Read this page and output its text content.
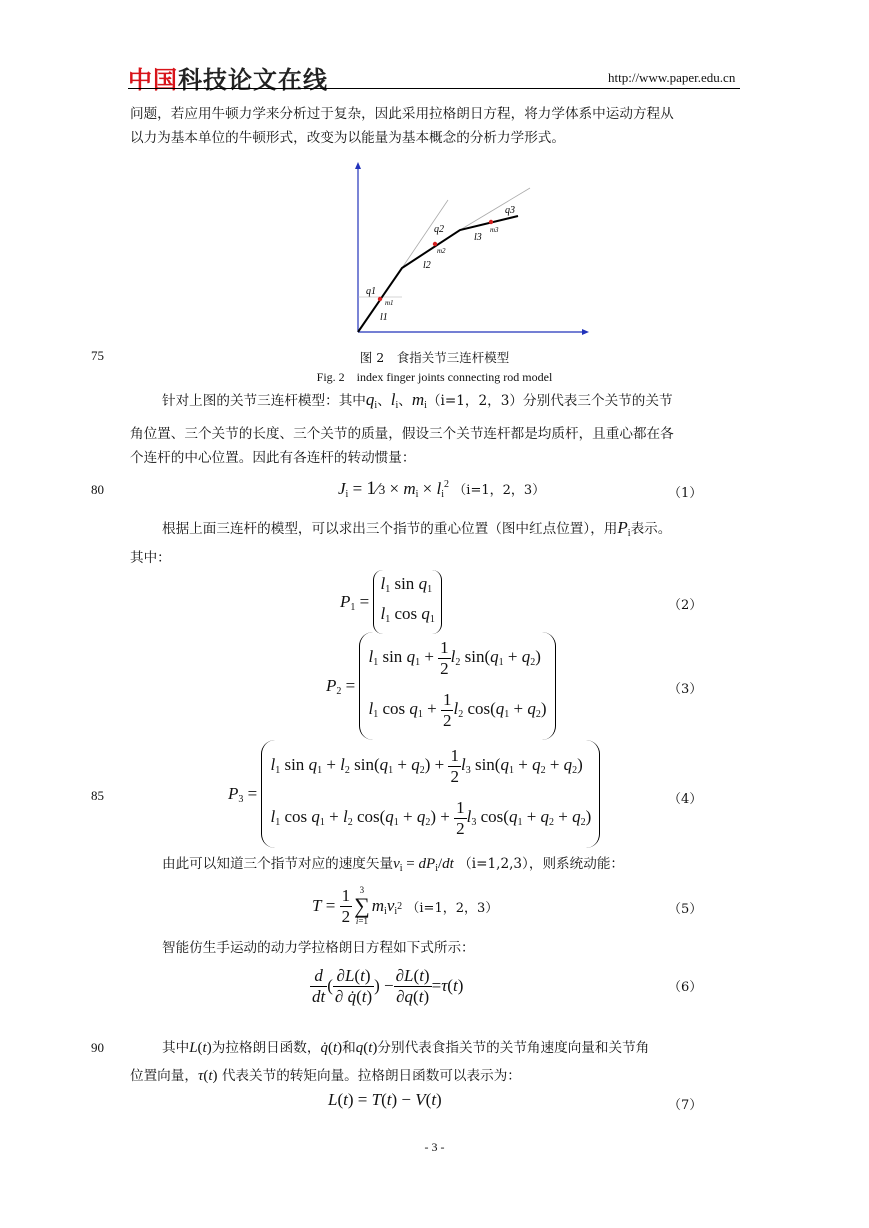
中国科技论文在线	http://www.paper.edu.cn
问题，若应用牛顿力学来分析过于复杂，因此采用拉格朗日方程，将力学体系中运动方程从
以力为基本单位的牛顿形式，改变为以能量为基本概念的分析力学形式。
q1
m1
l1
q2
m2
l2
q3
m3
l3
75	图 2　食指关节三连杆模型
Fig. 2　index finger joints connecting rod model
针对上图的关节三连杆模型：其中$q_i$、$l_i$、$m_i(i=1$，2，3）分别代表三个关节的关节
角位置、三个关节的长度、三个关节的质量，假设三个关节连杆都是均质杆，且重心都在各
个连杆的中心位置。因此有各连杆的转动惯量：
80	$J_i$ = 1⁄3 × $m_i \times l_i^2$ （i=1，2，3）	（1）
根据上面三连杆的模型，可以求出三个指节的重心位置（图中红点位置），用$P_i$表示。
其中：
$P_1$ =
$l_1$ $\sin q_1$
$l_1$ $\cos q_1$
（2）
$P_2$ =
$l_1$ $\sin q_1 + \frac{1}{2} l_2$ $\sin(q_1 + q_2)$
$l_1$ $\cos q_1 + \frac{1}{2} l_2$ $\cos(q_1 + q_2)$
（3）
85	$P_3$ =
$l_1$ $\sin q_1 + l_2$ $\sin(q_1 + q_2) + \frac{1}{2} l_3$ $\sin(q_1 + q_2 + q_2)$
$l_1$ $\cos q_1 + l_2$ $\cos(q_1 + q_2) + \frac{1}{2} l_3$ $\cos(q_1 + q_2 + q_2)$
（4）
由此可以知道三个指节对应的速度矢量$v_i = dP_i/dt$ （i=1,2,3），则系统动能：
$T = \frac{1}{2} 3$
∑
i=1
$m_iv_i$ 2
（i=1，2，3）	（5）
智能仿生手运动的动力学拉格朗日方程如下式所示：
$\frac{d}{dt}$ ( $\frac{\partial L(t)}{\partial q̇(t)}$ ) − $\frac{\partial L(t)}{\partial q(t)} = \tau$ ( t )	（6）
90	其中L(t)为拉格朗日函数，q̇(t)和q(t)分别代表食指关节的关节角速度向量和关节角
位置向量，τ(t) 代表关节的转矩向量。拉格朗日函数可以表示为：
L(t) = T(t) − V(t)	（7）
- 3 -
